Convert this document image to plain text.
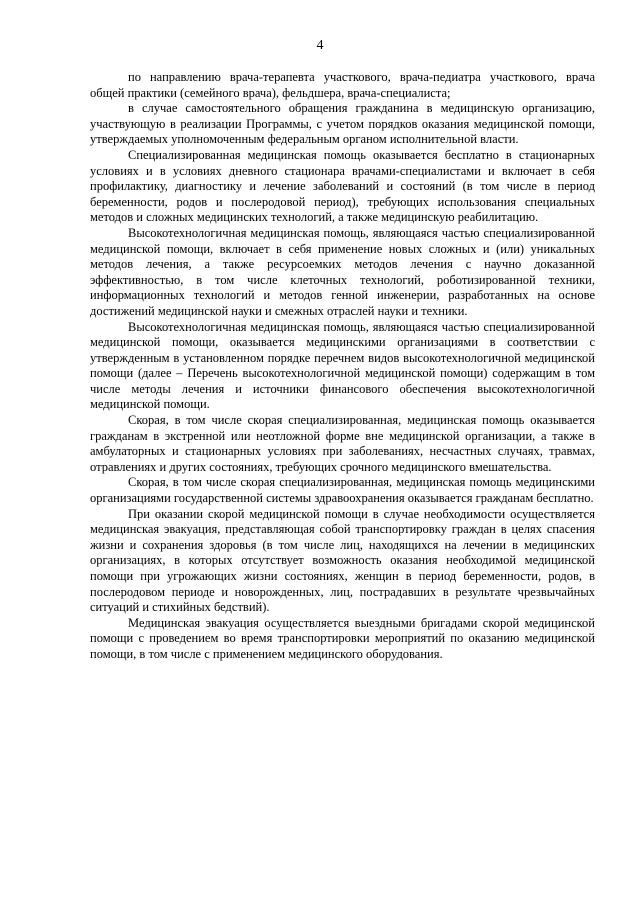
4

по направлению врача-терапевта участкового, врача-педиатра участкового, врача общей практики (семейного врача), фельдшера, врача-специалиста;

в случае самостоятельного обращения гражданина в медицинскую организацию, участвующую в реализации Программы, с учетом порядков оказания медицинской помощи, утверждаемых уполномоченным федеральным органом исполнительной власти.

Специализированная медицинская помощь оказывается бесплатно в стационарных условиях и в условиях дневного стационара врачами-специалистами и включает в себя профилактику, диагностику и лечение заболеваний и состояний (в том числе в период беременности, родов и послеродовой период), требующих использования специальных методов и сложных медицинских технологий, а также медицинскую реабилитацию.

Высокотехнологичная медицинская помощь, являющаяся частью специализированной медицинской помощи, включает в себя применение новых сложных и (или) уникальных методов лечения, а также ресурсоемких методов лечения с научно доказанной эффективностью, в том числе клеточных технологий, роботизированной техники, информационных технологий и методов генной инженерии, разработанных на основе достижений медицинской науки и смежных отраслей науки и техники.

Высокотехнологичная медицинская помощь, являющаяся частью специализированной медицинской помощи, оказывается медицинскими организациями в соответствии с утвержденным в установленном порядке перечнем видов высокотехнологичной медицинской помощи (далее – Перечень высокотехнологичной медицинской помощи) содержащим в том числе методы лечения и источники финансового обеспечения высокотехнологичной медицинской помощи.

Скорая, в том числе скорая специализированная, медицинская помощь оказывается гражданам в экстренной или неотложной форме вне медицинской организации, а также в амбулаторных и стационарных условиях при заболеваниях, несчастных случаях, травмах, отравлениях и других состояниях, требующих срочного медицинского вмешательства.

Скорая, в том числе скорая специализированная, медицинская помощь медицинскими организациями государственной системы здравоохранения оказывается гражданам бесплатно.

При оказании скорой медицинской помощи в случае необходимости осуществляется медицинская эвакуация, представляющая собой транспортировку граждан в целях спасения жизни и сохранения здоровья (в том числе лиц, находящихся на лечении в медицинских организациях, в которых отсутствует возможность оказания необходимой медицинской помощи при угрожающих жизни состояниях, женщин в период беременности, родов, в послеродовом периоде и новорожденных, лиц, пострадавших в результате чрезвычайных ситуаций и стихийных бедствий).

Медицинская эвакуация осуществляется выездными бригадами скорой медицинской помощи с проведением во время транспортировки мероприятий по оказанию медицинской помощи, в том числе с применением медицинского оборудования.
